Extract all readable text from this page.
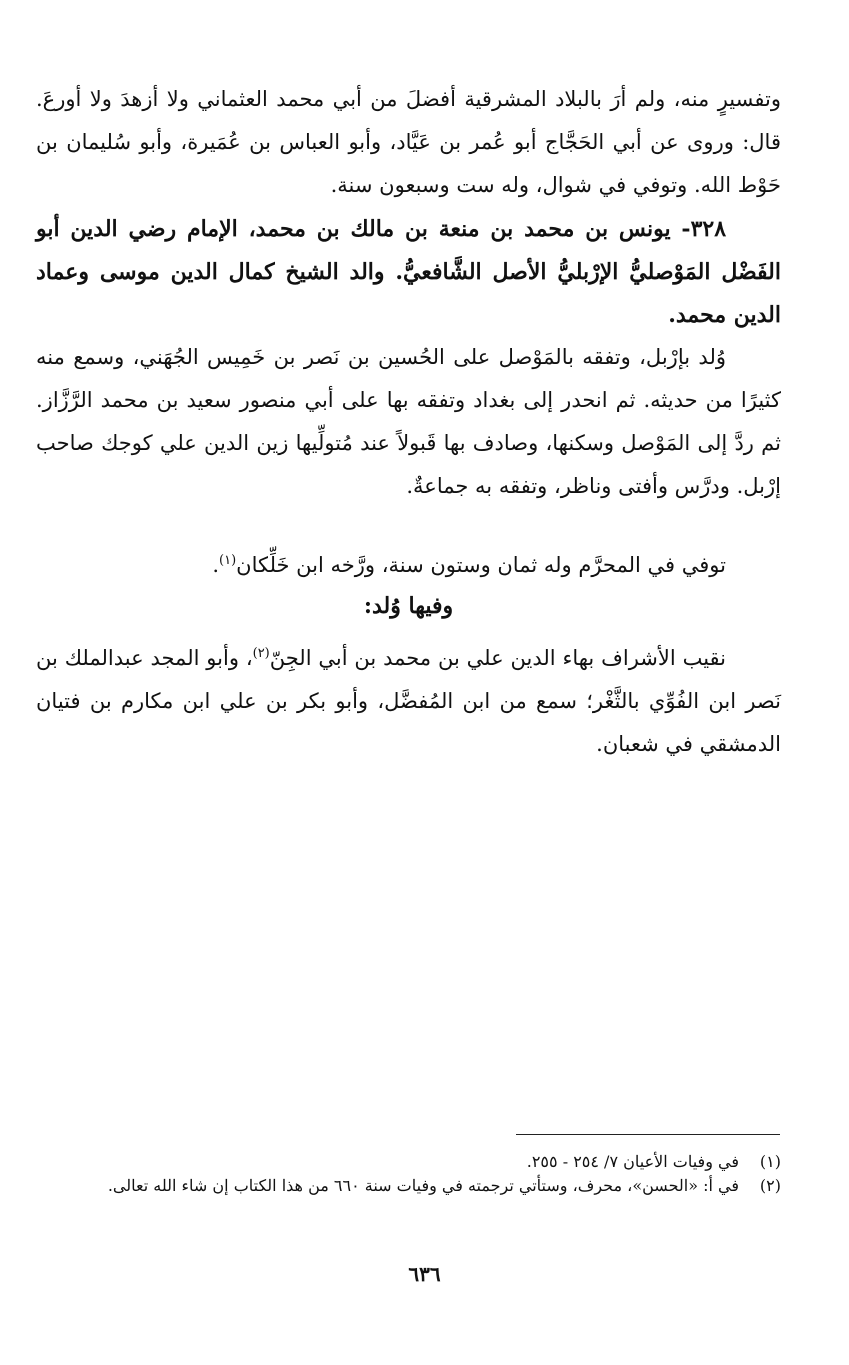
وتفسيرٍ منه، ولم أرَ بالبلاد المشرقية أفضلَ من أبي محمد العثماني ولا أزهدَ ولا أورعَ. قال: وروى عن أبي الحَجَّاج أبو عُمر بن عَيَّاد، وأبو العباس بن عُمَيرة، وأبو سُليمان بن حَوْط الله. وتوفي في شوال، وله ست وسبعون سنة.

٣٢٨- يونس بن محمد بن منعة بن مالك بن محمد، الإمام رضي الدين أبو الفَضْل المَوْصليُّ الإرْبليُّ الأصل الشَّافعيُّ. والد الشيخ كمال الدين موسى وعماد الدين محمد.

وُلد بإرْبل، وتفقه بالمَوْصل على الحُسين بن نَصر بن خَمِيس الجُهَني، وسمع منه كثيرًا من حديثه. ثم انحدر إلى بغداد وتفقه بها على أبي منصور سعيد بن محمد الرَّزَّاز. ثم ردَّ إلى المَوْصل وسكنها، وصادف بها قَبولاً عند مُتولِّيها زين الدين علي كوجك صاحب إرْبل. ودرَّس وأفتى وناظر، وتفقه به جماعةٌ.

توفي في المحرَّم وله ثمان وستون سنة، ورَّخه ابن خَلِّكان$^{(١)}$.

وفيها وُلد:

نقيب الأشراف بهاء الدين علي بن محمد بن أبي الجِنّ$^{(٢)}$، وأبو المجد عبدالملك بن نَصر ابن الفُوِّي بالثَّغْر؛ سمع من ابن المُفضَّل، وأبو بكر بن علي ابن مكارم بن فتيان الدمشقي في شعبان.

(١)
في وفيات الأعيان ٧/ ٢٥٤ - ٢٥٥.

(٢)
في أ: «الحسن»، محرف، وستأتي ترجمته في وفيات سنة ٦٦٠ من هذا الكتاب إن شاء الله تعالى.

٦٣٦
